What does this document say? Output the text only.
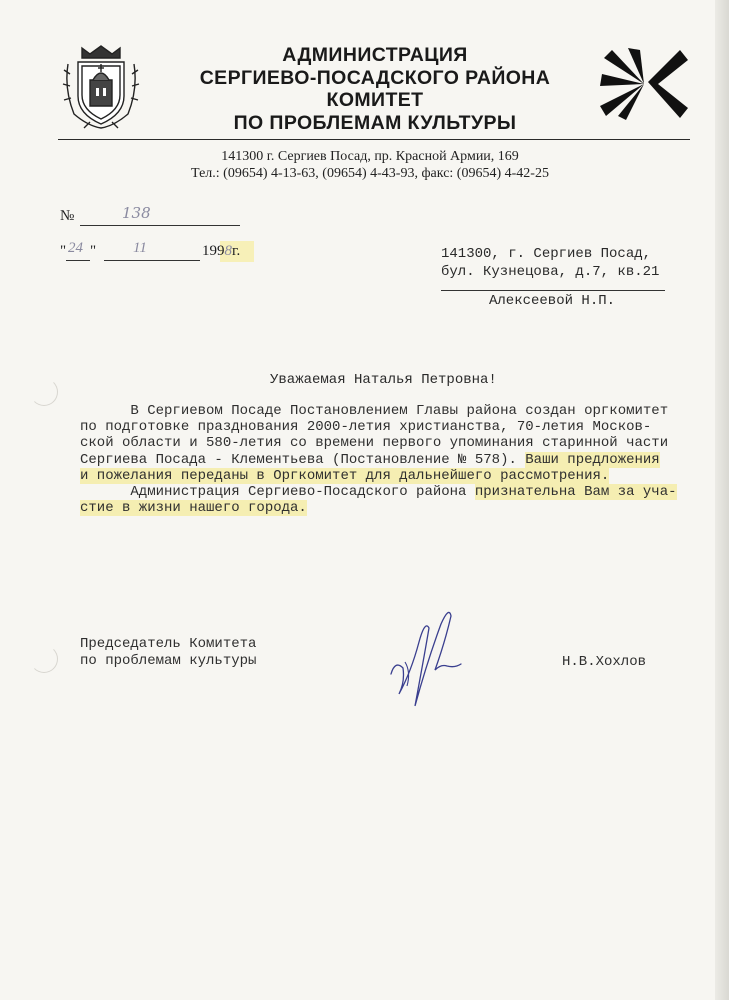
АДМИНИСТРАЦИЯ
СЕРГИЕВО-ПОСАДСКОГО РАЙОНА
КОМИТЕТ
ПО ПРОБЛЕМАМ КУЛЬТУРЫ
141300 г. Сергиев Посад, пр. Красной Армии, 169
Тел.: (09654) 4-13-63, (09654) 4-43-93, факс: (09654) 4-42-25
№	138
" 24 " 11	1998г.	141300, г. Сергиев Посад,
бул. Кузнецова, д.7, кв.21
Алексеевой Н.П.
Уважаемая Наталья Петровна!
В Сергиевом Посаде Постановлением Главы района создан оргкомитет
по подготовке празднования 2000-летия христианства, 70-летия Москов-
ской области и 580-летия со времени первого упоминания старинной части
Сергиева Посада - Клементьева (Постановление № 578). Ваши предложения
и пожелания переданы в Оргкомитет для дальнейшего рассмотрения.
Администрация Сергиево-Посадского района признательна Вам за уча-
стие в жизни нашего города.
Председатель Комитета
по проблемам культуры	Н.В.Хохлов
